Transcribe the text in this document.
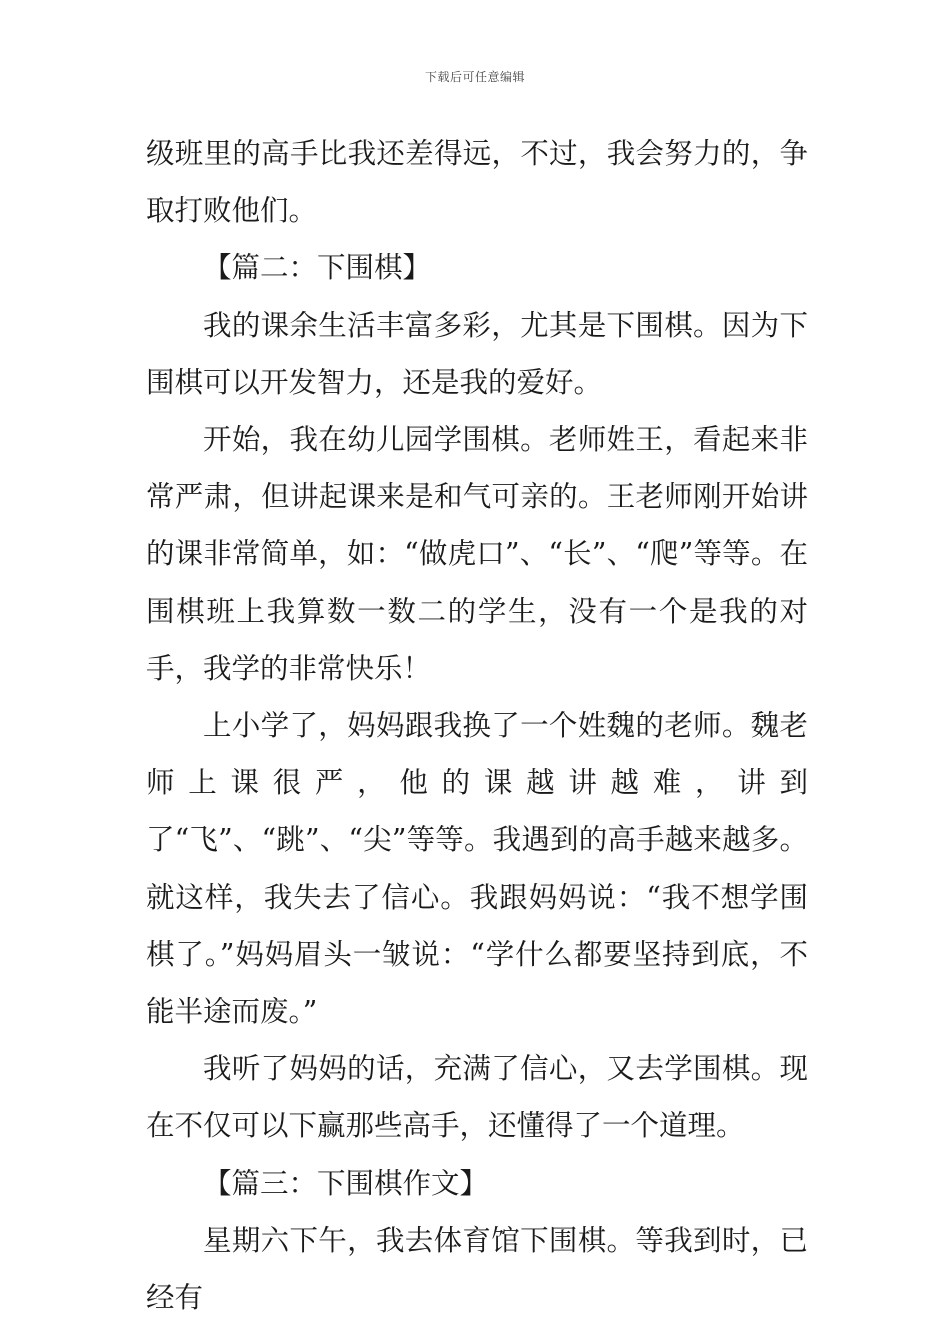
下载后可任意编辑

级班里的高手比我还差得远，不过，我会努力的，争取打败他们。

【篇二：下围棋】

我的课余生活丰富多彩，尤其是下围棋。因为下围棋可以开发智力，还是我的爱好。

开始，我在幼儿园学围棋。老师姓王，看起来非常严肃，但讲起课来是和气可亲的。王老师刚开始讲的课非常简单，如：“做虎口”、“长”、“爬”等等。在围棋班上我算数一数二的学生，没有一个是我的对手，我学的非常快乐！

上小学了，妈妈跟我换了一个姓魏的老师。魏老师上课很严，他的课越讲越难，讲到了“飞”、“跳”、“尖”等等。我遇到的高手越来越多。就这样，我失去了信心。我跟妈妈说：“我不想学围棋了。”妈妈眉头一皱说：“学什么都要坚持到底，不能半途而废。”

我听了妈妈的话，充满了信心，又去学围棋。现在不仅可以下赢那些高手，还懂得了一个道理。

【篇三：下围棋作文】

星期六下午，我去体育馆下围棋。等我到时，已经有
